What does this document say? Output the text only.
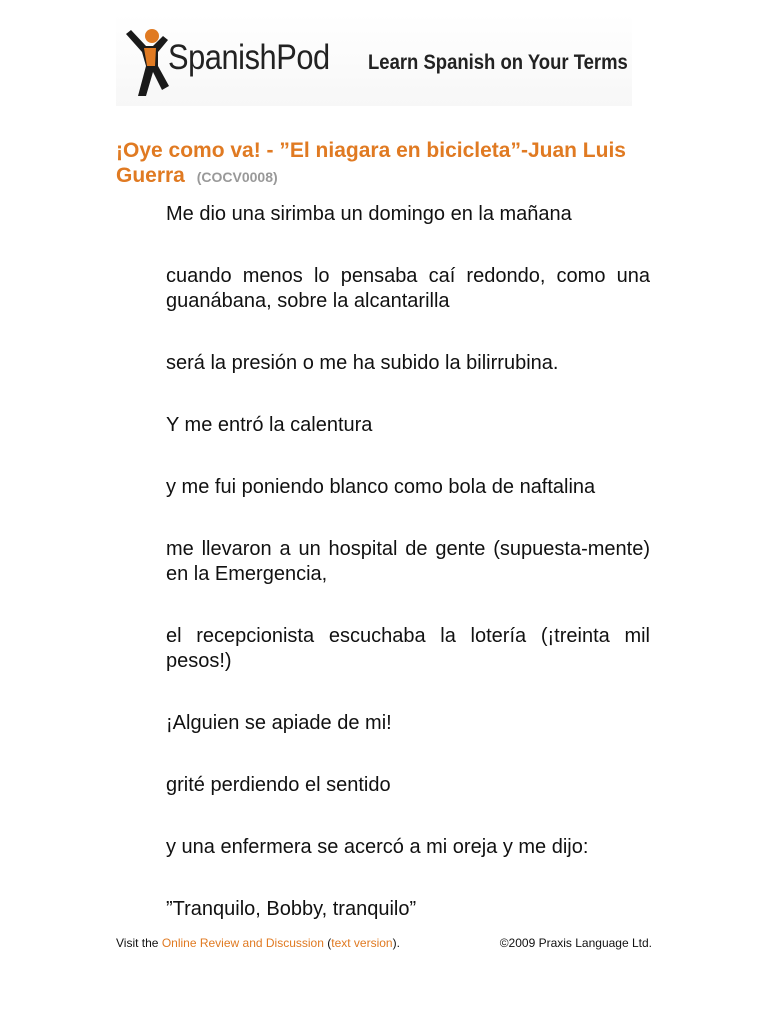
SpanishPod Learn Spanish on Your Terms
¡Oye como va! - ”El niagara en bicicleta”-Juan Luis Guerra (COCV0008)
Me dio una sirimba un domingo en la mañana
cuando menos lo pensaba caí redondo, como una guanábana, sobre la alcantarilla
será la presión o me ha subido la bilirrubina.
Y me entró la calentura
y me fui poniendo blanco como bola de naftalina
me llevaron a un hospital de gente (supuesta-mente) en la Emergencia,
el recepcionista escuchaba la lotería (¡treinta mil pesos!)
¡Alguien se apiade de mi!
grité perdiendo el sentido
y una enfermera se acercó a mi oreja y me dijo:
”Tranquilo, Bobby, tranquilo”
Visit the Online Review and Discussion (text version).	©2009 Praxis Language Ltd.
